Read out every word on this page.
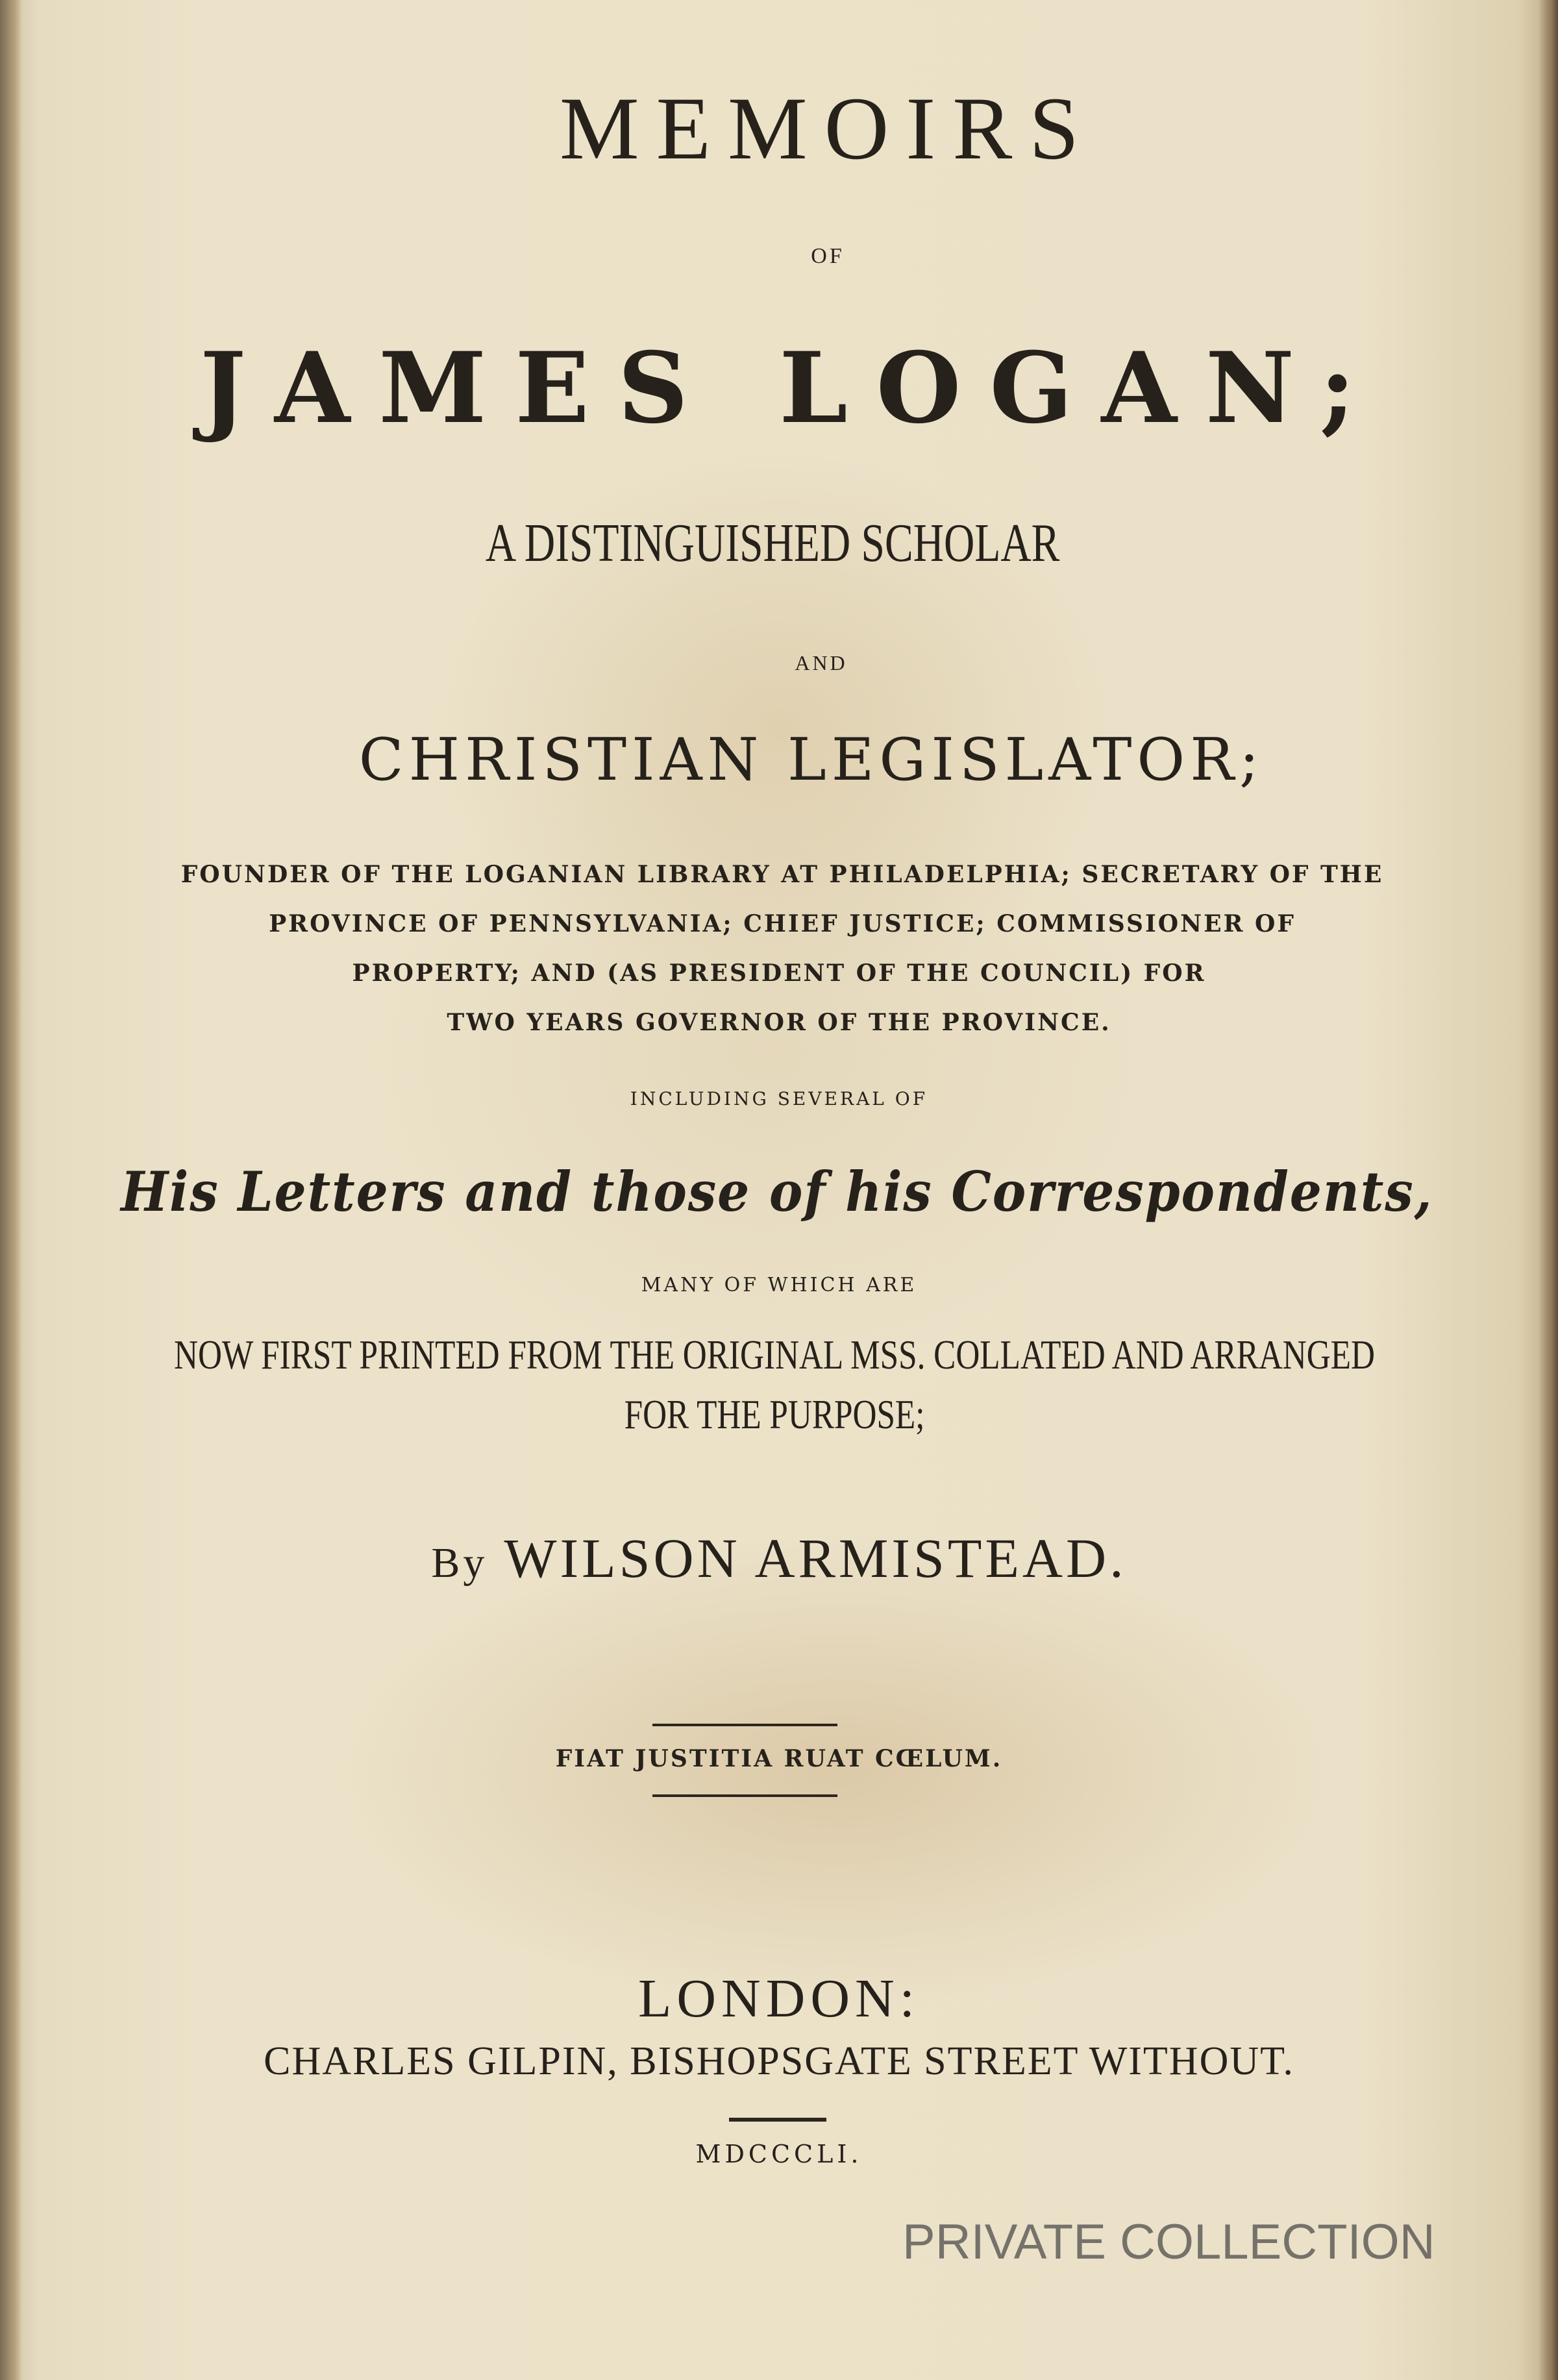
MEMOIRS

OF

JAMES LOGAN;

A DISTINGUISHED SCHOLAR

AND

CHRISTIAN LEGISLATOR;

FOUNDER OF THE LOGANIAN LIBRARY AT PHILADELPHIA; SECRETARY OF THE

PROVINCE OF PENNSYLVANIA; CHIEF JUSTICE; COMMISSIONER OF

PROPERTY; AND (AS PRESIDENT OF THE COUNCIL) FOR

TWO YEARS GOVERNOR OF THE PROVINCE.

INCLUDING SEVERAL OF

His Letters and those of his Correspondents,

MANY OF WHICH ARE

NOW FIRST PRINTED FROM THE ORIGINAL MSS. COLLATED AND ARRANGED

FOR THE PURPOSE;

By WILSON ARMISTEAD.

FIAT JUSTITIA RUAT CŒLUM.

LONDON:

CHARLES GILPIN, BISHOPSGATE STREET WITHOUT.

MDCCCLI.

PRIVATE COLLECTION
